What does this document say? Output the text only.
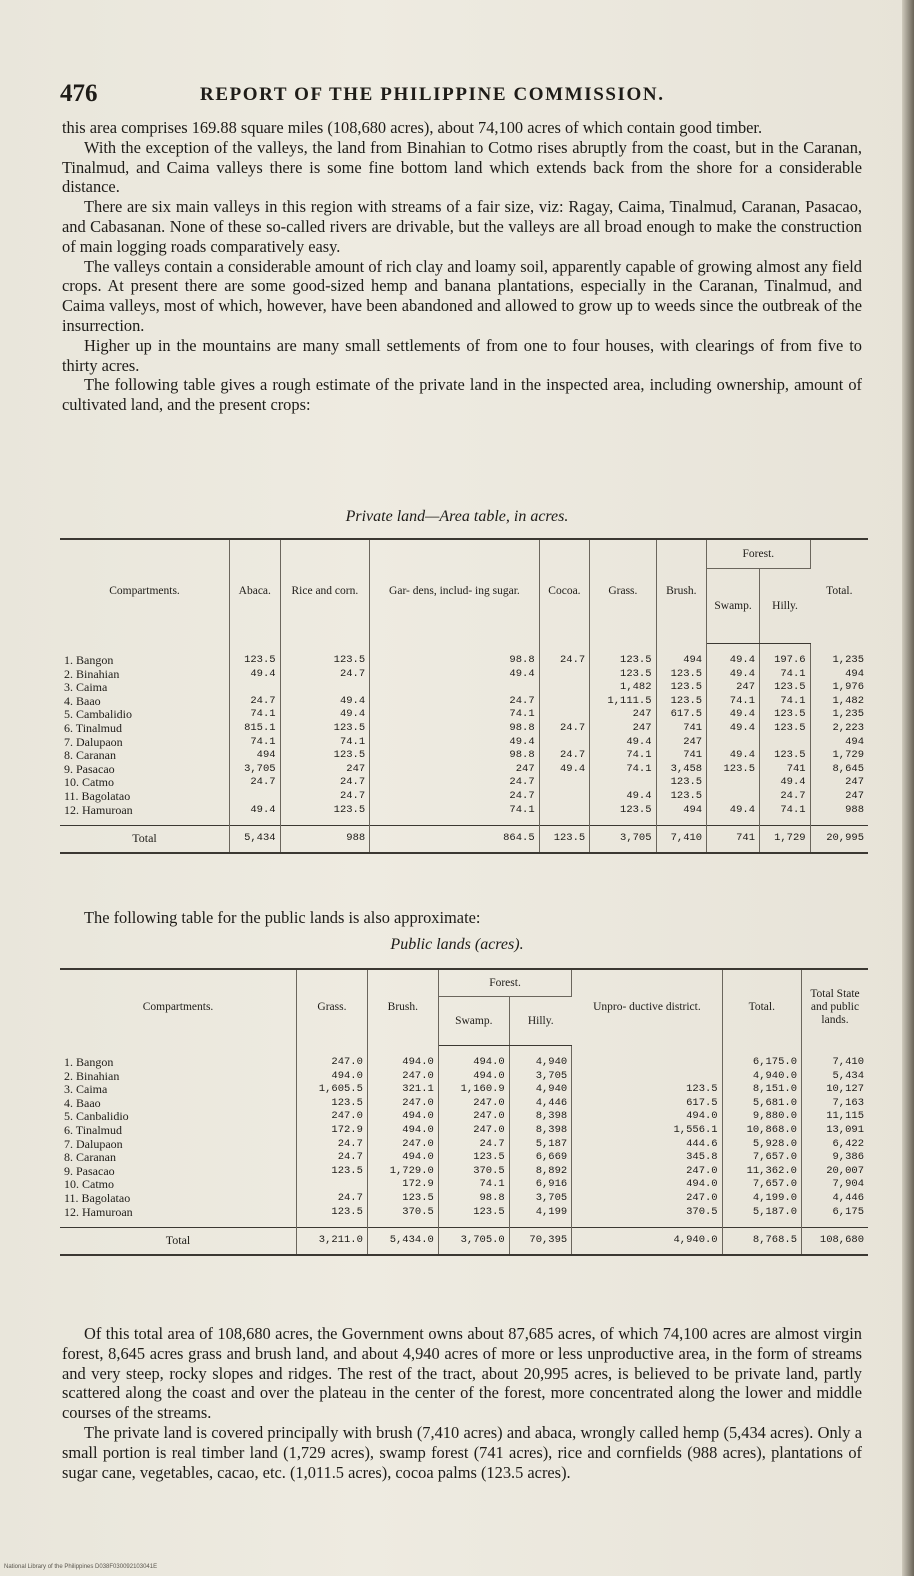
476	REPORT OF THE PHILIPPINE COMMISSION.

this area comprises 169.88 square miles (108,680 acres), about 74,100 acres of which contain good timber.

With the exception of the valleys, the land from Binahian to Cotmo rises abruptly from the coast, but in the Caranan, Tinalmud, and Caima valleys there is some fine bottom land which extends back from the shore for a considerable distance.

There are six main valleys in this region with streams of a fair size, viz: Ragay, Caima, Tinalmud, Caranan, Pasacao, and Cabasanan. None of these so-called rivers are drivable, but the valleys are all broad enough to make the construction of main logging roads comparatively easy.

The valleys contain a considerable amount of rich clay and loamy soil, apparently capable of growing almost any field crops. At present there are some good-sized hemp and banana plantations, especially in the Caranan, Tinalmud, and Caima valleys, most of which, however, have been abandoned and allowed to grow up to weeds since the outbreak of the insurrection.

Higher up in the mountains are many small settlements of from one to four houses, with clearings of from five to thirty acres.

The following table gives a rough estimate of the private land in the inspected area, including ownership, amount of cultivated land, and the present crops:

Private land—Area table, in acres.
Compartments.	Abaca.	Rice and corn.	Gar- dens, includ- ing sugar.	Cocoa.	Grass.	Brush.	Forest.		Total.
							Swamp.	Hilly.	
1. Bangon	123.5	123.5	98.8	24.7	123.5	494	49.4	197.6	1,235
2. Binahian	49.4	24.7	49.4		123.5	123.5	49.4	74.1	494
3. Caima					1,482	123.5	247	123.5	1,976
4. Baao	24.7	49.4	24.7		1,111.5	123.5	74.1	74.1	1,482
5. Cambalidio	74.1	49.4	74.1		247	617.5	49.4	123.5	1,235
6. Tinalmud	815.1	123.5	98.8	24.7	247	741	49.4	123.5	2,223
7. Dalupaon	74.1	74.1	49.4		49.4	247			494
8. Caranan	494	123.5	98.8	24.7	74.1	741	49.4	123.5	1,729
9. Pasacao	3,705	247	247	49.4	74.1	3,458	123.5	741	8,645
10. Catmo	24.7	24.7	24.7			123.5		49.4	247
11. Bagolatao		24.7	24.7		49.4	123.5		24.7	247
12. Hamuroan	49.4	123.5	74.1		123.5	494	49.4	74.1	988
Total	5,434	988	864.5	123.5	3,705	7,410	741	1,729	20,995
The following table for the public lands is also approximate:
Public lands (acres).
Compartments.	Grass.	Brush.	Forest.		Unpro- ductive district.	Total.	Total State and public lands.
			Swamp.	Hilly.			
1. Bangon	247.0	494.0	494.0	4,940		6,175.0	7,410
2. Binahian	494.0	247.0	494.0	3,705		4,940.0	5,434
3. Caima	1,605.5	321.1	1,160.9	4,940	123.5	8,151.0	10,127
4. Baao	123.5	247.0	247.0	4,446	617.5	5,681.0	7,163
5. Canbalidio	247.0	494.0	247.0	8,398	494.0	9,880.0	11,115
6. Tinalmud	172.9	494.0	247.0	8,398	1,556.1	10,868.0	13,091
7. Dalupaon	24.7	247.0	24.7	5,187	444.6	5,928.0	6,422
8. Caranan	24.7	494.0	123.5	6,669	345.8	7,657.0	9,386
9. Pasacao	123.5	1,729.0	370.5	8,892	247.0	11,362.0	20,007
10. Catmo		172.9	74.1	6,916	494.0	7,657.0	7,904
11. Bagolatao	24.7	123.5	98.8	3,705	247.0	4,199.0	4,446
12. Hamuroan	123.5	370.5	123.5	4,199	370.5	5,187.0	6,175
Total	3,211.0	5,434.0	3,705.0	70,395	4,940.0	8,768.5	108,680

Of this total area of 108,680 acres, the Government owns about 87,685 acres, of which 74,100 acres are almost virgin forest, 8,645 acres grass and brush land, and about 4,940 acres of more or less unproductive area, in the form of streams and very steep, rocky slopes and ridges. The rest of the tract, about 20,995 acres, is believed to be private land, partly scattered along the coast and over the plateau in the center of the forest, more concentrated along the lower and middle courses of the streams.

The private land is covered principally with brush (7,410 acres) and abaca, wrongly called hemp (5,434 acres). Only a small portion is real timber land (1,729 acres), swamp forest (741 acres), rice and cornfields (988 acres), plantations of sugar cane, vegetables, cacao, etc. (1,011.5 acres), cocoa palms (123.5 acres).

National Library of the Philippines D038F030092103041E
